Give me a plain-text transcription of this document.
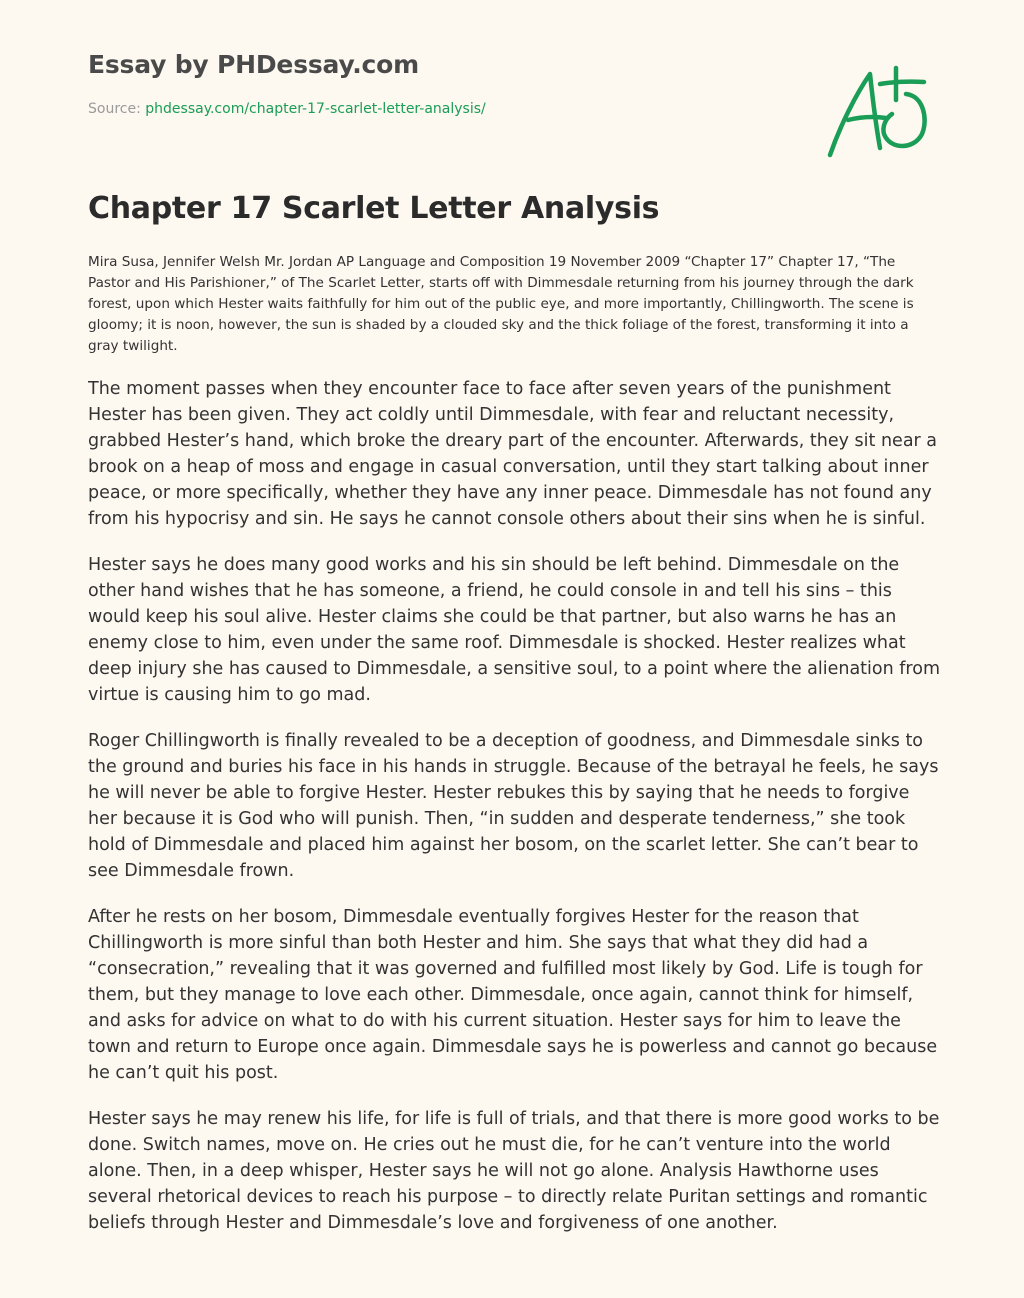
Essay by PHDessay.com
Source: phdessay.com/chapter-17-scarlet-letter-analysis/
Chapter 17 Scarlet Letter Analysis

Mira Susa, Jennifer Welsh Mr. Jordan AP Language and Composition 19 November 2009 “Chapter 17” Chapter 17, “The Pastor and His Parishioner,” of The Scarlet Letter, starts off with Dimmesdale returning from his journey through the dark forest, upon which Hester waits faithfully for him out of the public eye, and more importantly, Chillingworth. The scene is gloomy; it is noon, however, the sun is shaded by a clouded sky and the thick foliage of the forest, transforming it into a gray twilight.

The moment passes when they encounter face to face after seven years of the punishment Hester has been given. They act coldly until Dimmesdale, with fear and reluctant necessity, grabbed Hester’s hand, which broke the dreary part of the encounter. Afterwards, they sit near a brook on a heap of moss and engage in casual conversation, until they start talking about inner peace, or more specifically, whether they have any inner peace. Dimmesdale has not found any from his hypocrisy and sin. He says he cannot console others about their sins when he is sinful.

Hester says he does many good works and his sin should be left behind. Dimmesdale on the other hand wishes that he has someone, a friend, he could console in and tell his sins – this would keep his soul alive. Hester claims she could be that partner, but also warns he has an enemy close to him, even under the same roof. Dimmesdale is shocked. Hester realizes what deep injury she has caused to Dimmesdale, a sensitive soul, to a point where the alienation from virtue is causing him to go mad.

Roger Chillingworth is finally revealed to be a deception of goodness, and Dimmesdale sinks to the ground and buries his face in his hands in struggle. Because of the betrayal he feels, he says he will never be able to forgive Hester. Hester rebukes this by saying that he needs to forgive her because it is God who will punish. Then, “in sudden and desperate tenderness,” she took hold of Dimmesdale and placed him against her bosom, on the scarlet letter. She can’t bear to see Dimmesdale frown.

After he rests on her bosom, Dimmesdale eventually forgives Hester for the reason that Chillingworth is more sinful than both Hester and him. She says that what they did had a “consecration,” revealing that it was governed and fulfilled most likely by God. Life is tough for them, but they manage to love each other. Dimmesdale, once again, cannot think for himself, and asks for advice on what to do with his current situation. Hester says for him to leave the town and return to Europe once again. Dimmesdale says he is powerless and cannot go because he can’t quit his post.

Hester says he may renew his life, for life is full of trials, and that there is more good works to be done. Switch names, move on. He cries out he must die, for he can’t venture into the world alone. Then, in a deep whisper, Hester says he will not go alone. Analysis Hawthorne uses several rhetorical devices to reach his purpose – to directly relate Puritan settings and romantic beliefs through Hester and Dimmesdale’s love and forgiveness of one another.
